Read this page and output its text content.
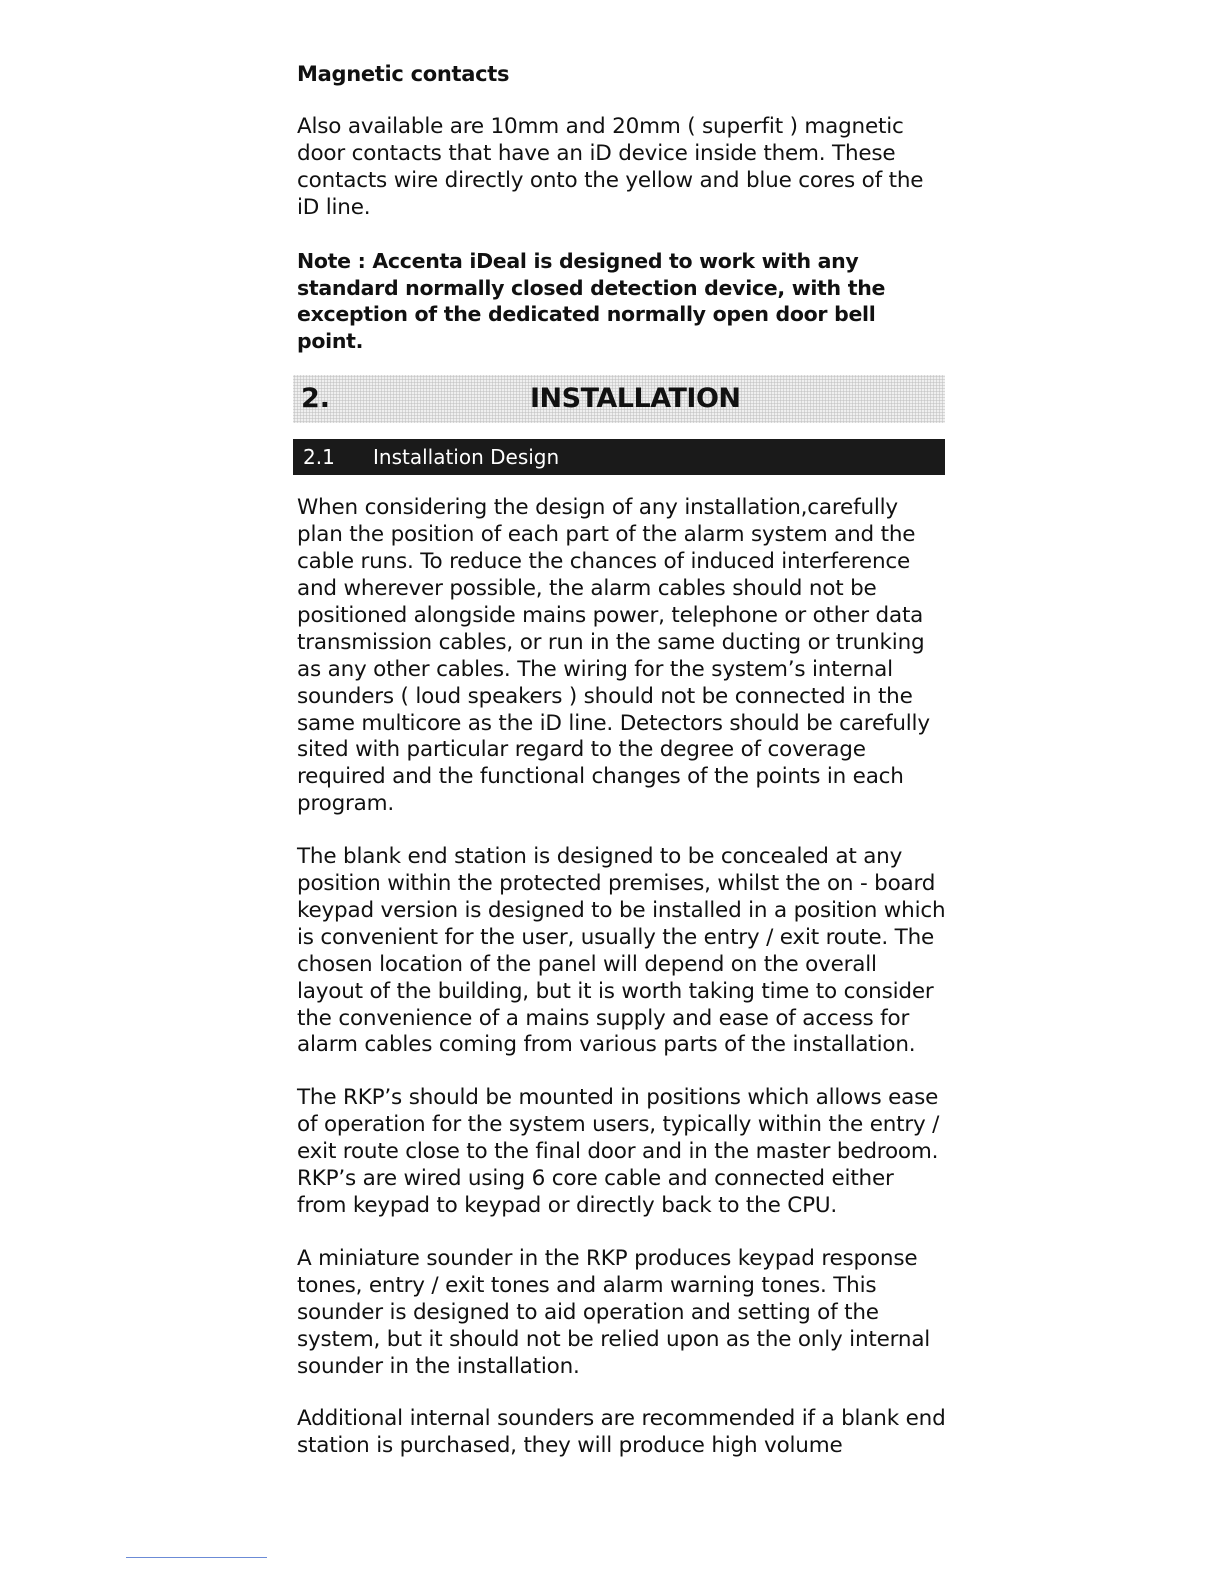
Magnetic contacts

Also available are 10mm and 20mm ( superfit ) magnetic door contacts that have an iD device inside them. These contacts wire directly onto the yellow and blue cores of the iD line.

Note : Accenta iDeal is designed to work with any standard normally closed detection device, with the exception of the dedicated normally open door bell point.

2.	INSTALLATION
2.1 Installation Design

When considering the design of any installation,carefully plan the position of each part of the alarm system and the cable runs. To reduce the chances of induced interference and wherever possible, the alarm cables should not be positioned alongside mains power, telephone or other data transmission cables, or run in the same ducting or trunking as any other cables. The wiring for the system’s internal sounders ( loud speakers ) should not be connected in the same multicore as the iD line. Detectors should be carefully sited with particular regard to the degree of coverage required and the functional changes of the points in each program.

The blank end station is designed to be concealed at any position within the protected premises, whilst the on - board keypad version is designed to be installed in a position which is convenient for the user, usually the entry / exit route. The chosen location of the panel will depend on the overall layout of the building, but it is worth taking time to consider the convenience of a mains supply and ease of access for alarm cables coming from various parts of the installation.

The RKP’s should be mounted in positions which allows ease of operation for the system users, typically within the entry / exit route close to the final door and in the master bedroom. RKP’s are wired using 6 core cable and connected either from keypad to keypad or directly back to the CPU.

A miniature sounder in the RKP produces keypad response tones, entry / exit tones and alarm warning tones. This sounder is designed to aid operation and setting of the system, but it should not be relied upon as the only internal sounder in the installation.

Additional internal sounders are recommended if a blank end station is purchased, they will produce high volume
